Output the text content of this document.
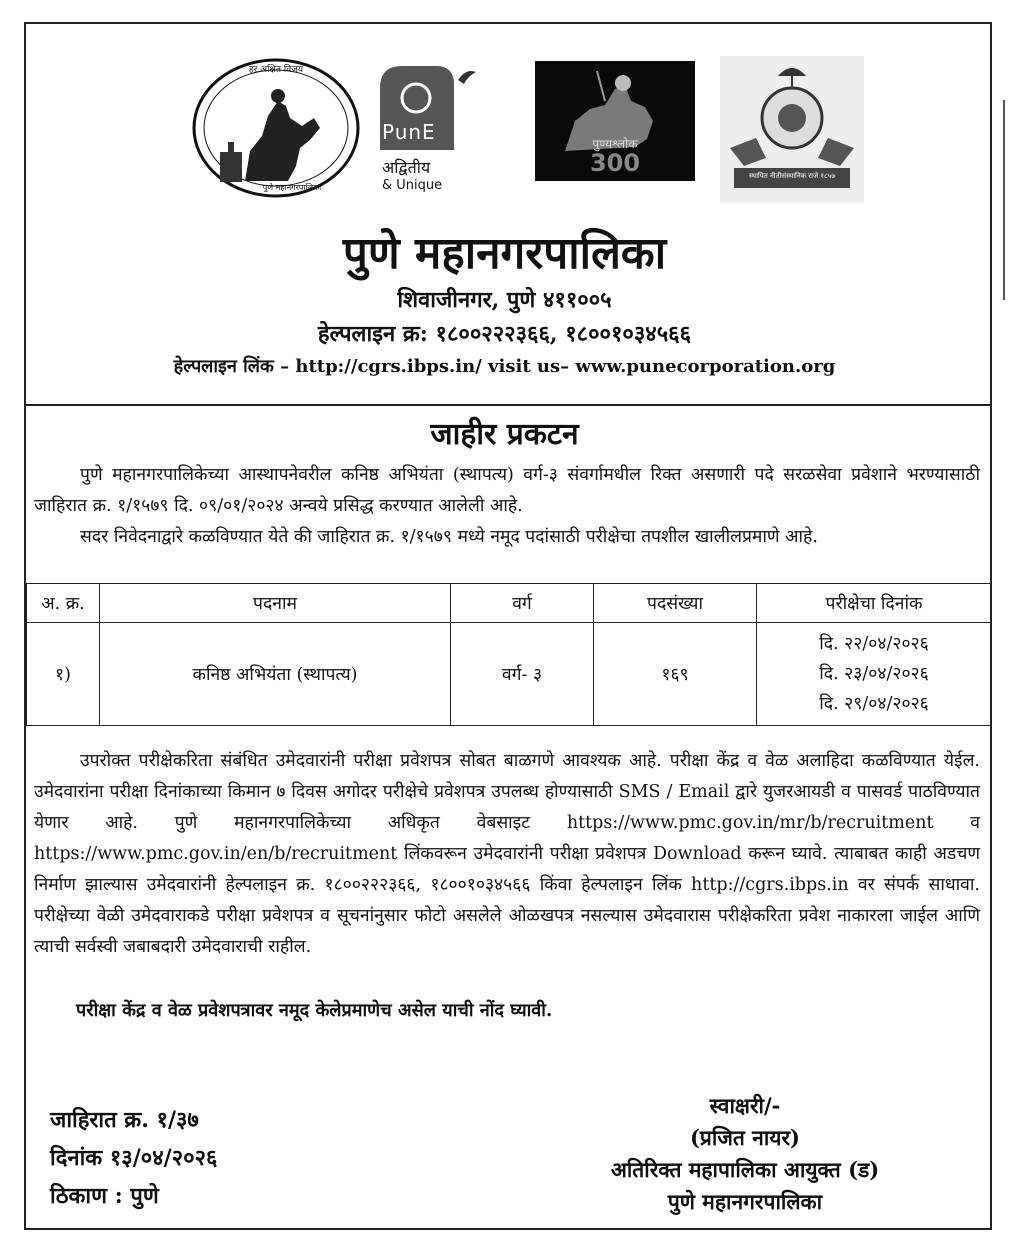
हर अक्षित विजय
पुणे महानगरपालिका
PunE
अद्वितीय
& Unique
पुण्यश्लोक
300	स्थापित नीतीसंस्थानिक राजे १८५७
पुणे महानगरपालिका
शिवाजीनगर, पुणे ४११००५
हेल्पलाइन क्र: १८००२२२३६६, १८००१०३४५६६
हेल्पलाइन लिंक – http://cgrs.ibps.in/ visit us– www.punecorporation.org
जाहीर प्रकटन
पुणे महानगरपालिकेच्या आस्थापनेवरील कनिष्ठ अभियंता (स्थापत्य) वर्ग-३ संवर्गामधील रिक्त असणारी पदे सरळसेवा प्रवेशाने भरण्यासाठी जाहिरात क्र. १/१५७९ दि. ०९/०१/२०२४ अन्वये प्रसिद्ध करण्यात आलेली आहे.
सदर निवेदनाद्वारे कळविण्यात येते की जाहिरात क्र. १/१५७९ मध्ये नमूद पदांसाठी परीक्षेचा तपशील खालीलप्रमाणे आहे.
अ. क्र.	पदनाम	वर्ग	पदसंख्या	परीक्षेचा दिनांक
१)	कनिष्ठ अभियंता (स्थापत्य)	वर्ग- ३	१६९	दि. २२/०४/२०२६
दि. २३/०४/२०२६
दि. २९/०४/२०२६
उपरोक्त परीक्षेकरिता संबंधित उमेदवारांनी परीक्षा प्रवेशपत्र सोबत बाळगणे आवश्यक आहे. परीक्षा केंद्र व वेळ अलाहिदा कळविण्यात येईल. उमेदवारांना परीक्षा दिनांकाच्या किमान ७ दिवस अगोदर परीक्षेचे प्रवेशपत्र उपलब्ध होण्यासाठी SMS / Email द्वारे युजरआयडी व पासवर्ड पाठविण्यात येणार आहे. पुणे महानगरपालिकेच्या अधिकृत वेबसाइट https://www.pmc.gov.in/mr/b/recruitment व https://www.pmc.gov.in/en/b/recruitment लिंकवरून उमेदवारांनी परीक्षा प्रवेशपत्र Download करून घ्यावे. त्याबाबत काही अडचण निर्माण झाल्यास उमेदवारांनी हेल्पलाइन क्र. १८००२२२३६६, १८००१०३४५६६ किंवा हेल्पलाइन लिंक http://cgrs.ibps.in वर संपर्क साधावा. परीक्षेच्या वेळी उमेदवाराकडे परीक्षा प्रवेशपत्र व सूचनांनुसार फोटो असलेले ओळखपत्र नसल्यास उमेदवारास परीक्षेकरिता प्रवेश नाकारला जाईल आणि त्याची सर्वस्वी जबाबदारी उमेदवाराची राहील.
परीक्षा केंद्र व वेळ प्रवेशपत्रावर नमूद केलेप्रमाणेच असेल याची नोंद घ्यावी.
जाहिरात क्र. १/३७
दिनांक १३/०४/२०२६
ठिकाण : पुणे
स्वाक्षरी/-
(प्रजित नायर)
अतिरिक्त महापालिका आयुक्त (ड)
पुणे महानगरपालिका
